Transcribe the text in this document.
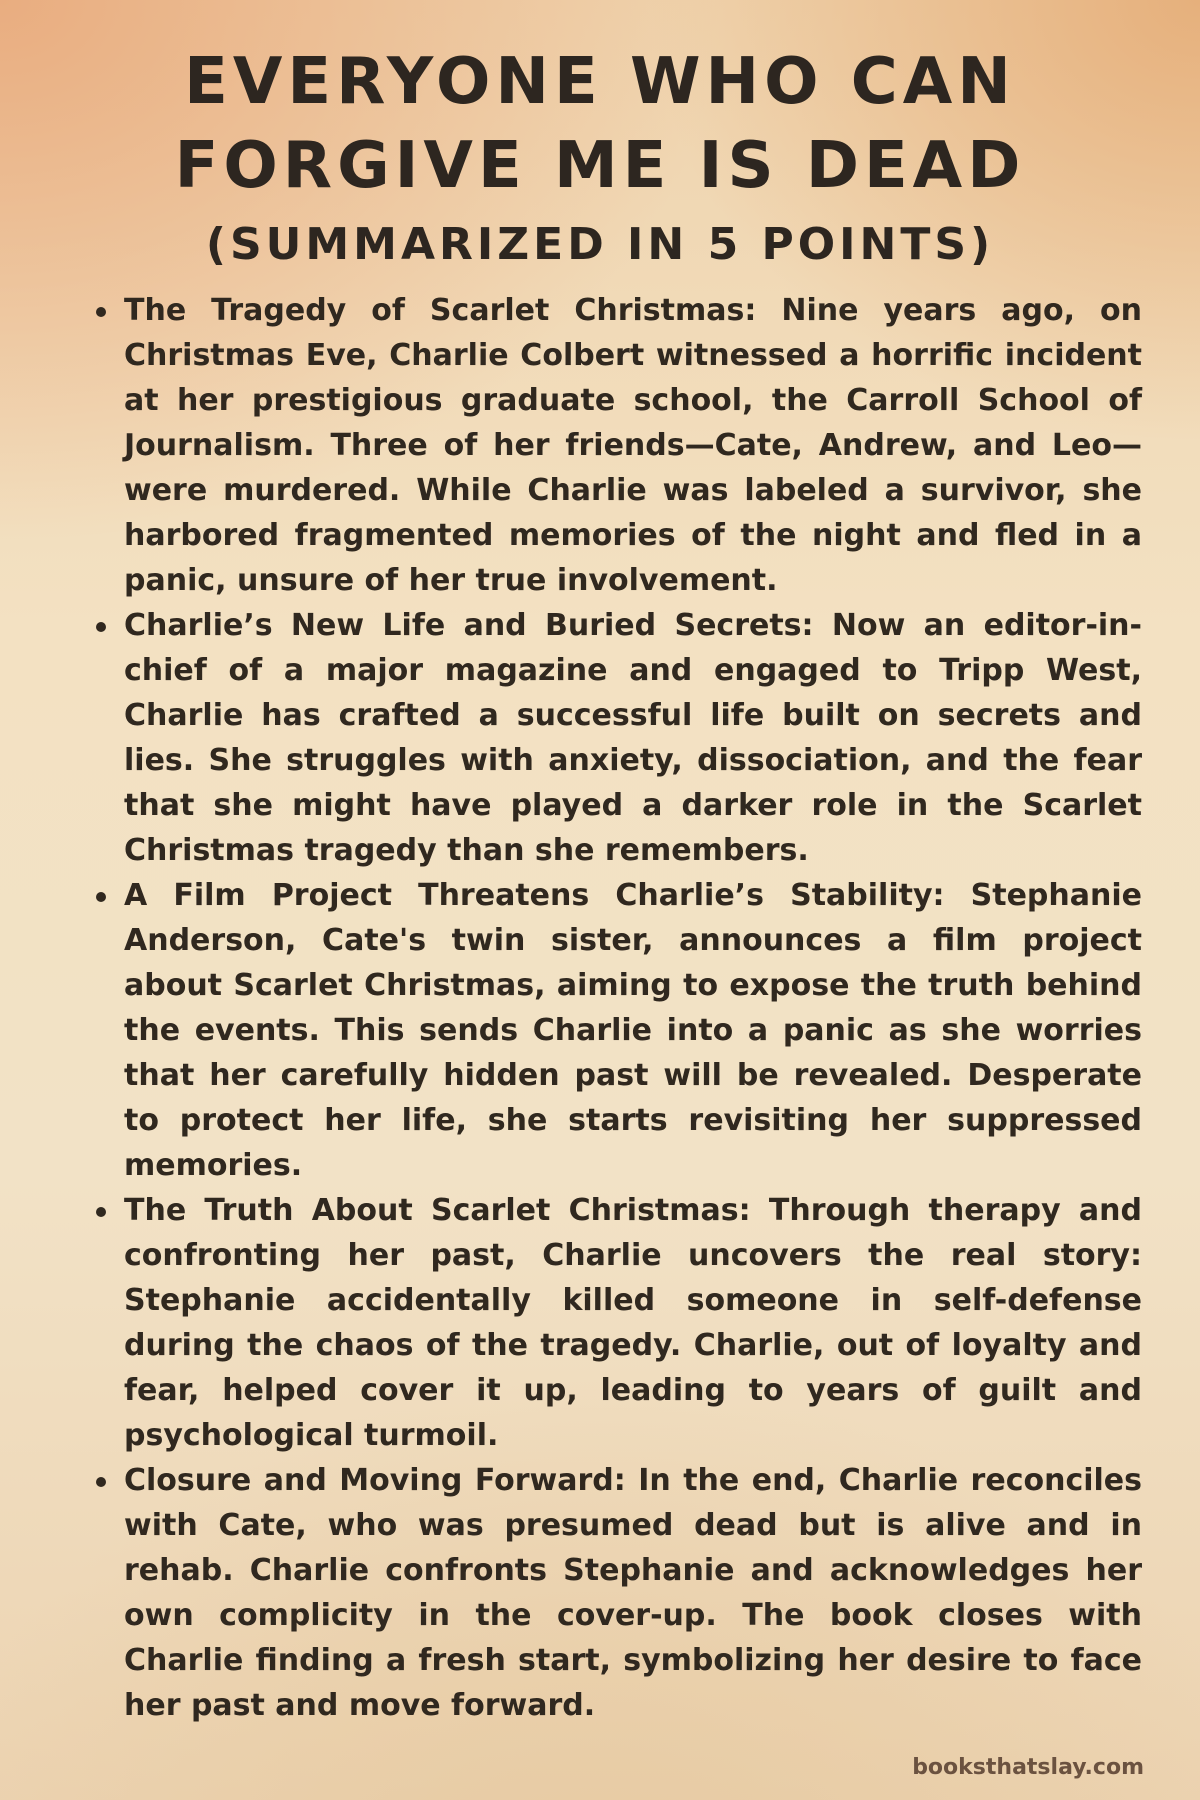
EVERYONE WHO CAN
FORGIVE ME IS DEAD
(SUMMARIZED IN 5 POINTS)
The Tragedy of Scarlet Christmas: Nine years ago, on Christmas Eve, Charlie Colbert witnessed a horrific incident at her prestigious graduate school, the Carroll School of Journalism. Three of her friends—Cate, Andrew, and Leo—were murdered. While Charlie was labeled a survivor, she harbored fragmented memories of the night and fled in a panic, unsure of her true involvement.
Charlie’s New Life and Buried Secrets: Now an editor-in-chief of a major magazine and engaged to Tripp West, Charlie has crafted a successful life built on secrets and lies. She struggles with anxiety, dissociation, and the fear that she might have played a darker role in the Scarlet Christmas tragedy than she remembers.
A Film Project Threatens Charlie’s Stability: Stephanie Anderson, Cate's twin sister, announces a film project about Scarlet Christmas, aiming to expose the truth behind the events. This sends Charlie into a panic as she worries that her carefully hidden past will be revealed. Desperate to protect her life, she starts revisiting her suppressed memories.
The Truth About Scarlet Christmas: Through therapy and confronting her past, Charlie uncovers the real story: Stephanie accidentally killed someone in self-defense during the chaos of the tragedy. Charlie, out of loyalty and fear, helped cover it up, leading to years of guilt and psychological turmoil.
Closure and Moving Forward: In the end, Charlie reconciles with Cate, who was presumed dead but is alive and in rehab. Charlie confronts Stephanie and acknowledges her own complicity in the cover-up. The book closes with Charlie finding a fresh start, symbolizing her desire to face her past and move forward.
booksthatslay.com
